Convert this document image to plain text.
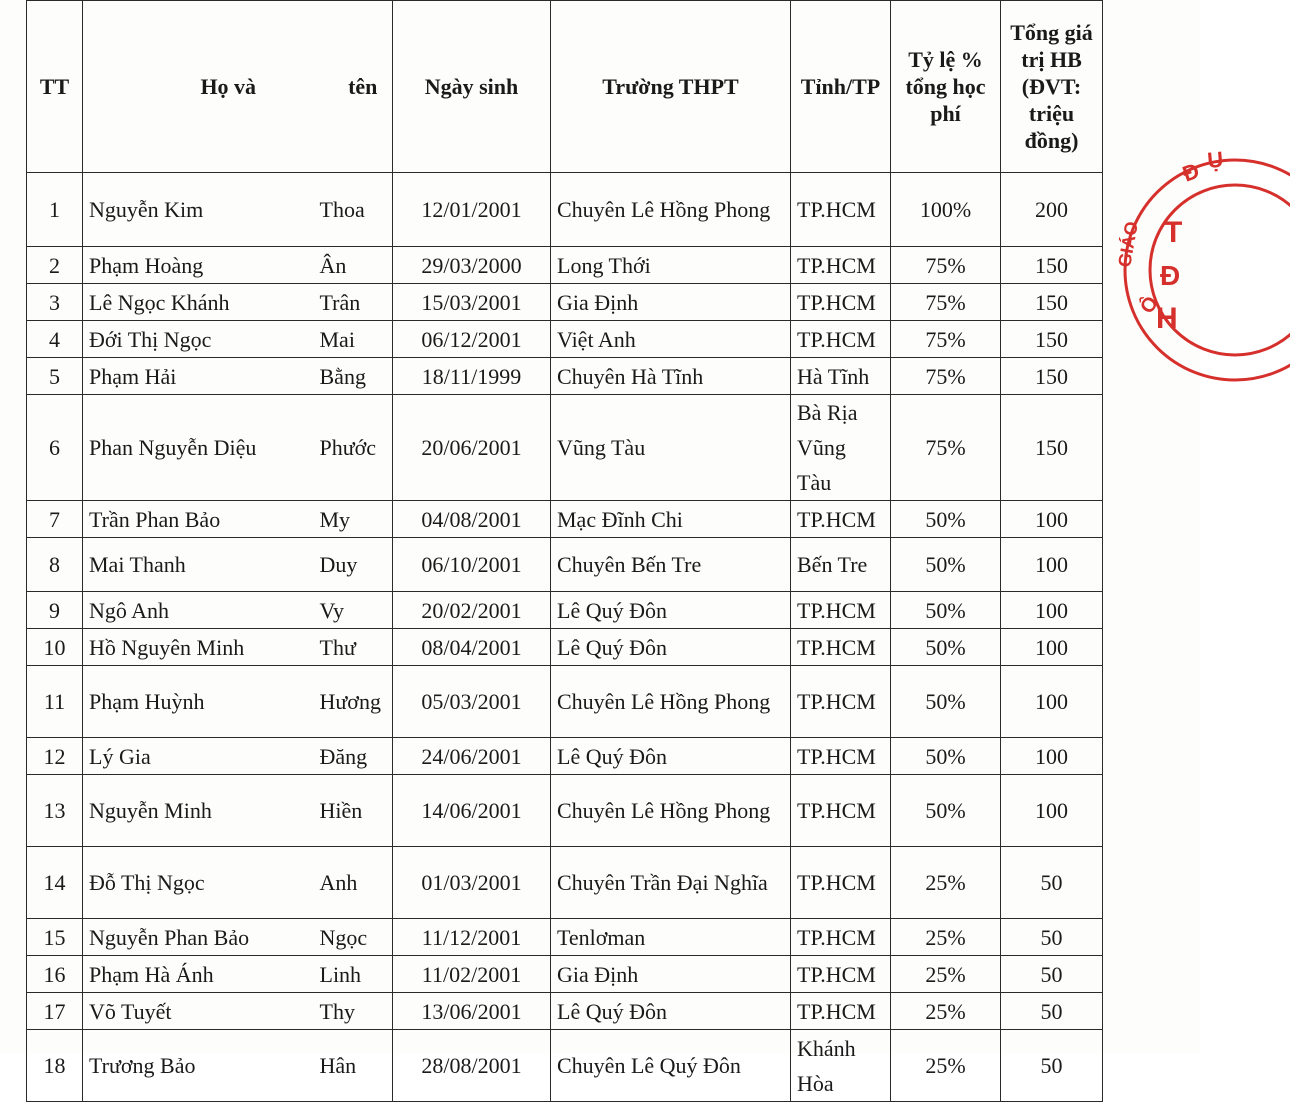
TT	Họ và	tên	Ngày sinh	Trường THPT	Tỉnh/TP	Tỷ lệ % tổng học phí	Tổng giá trị HB (ĐVT: triệu đồng)
1	Nguyễn Kim	Thoa	12/01/2001	Chuyên Lê Hồng Phong	TP.HCM	100%	200
2	Phạm Hoàng	Ân	29/03/2000	Long Thới	TP.HCM	75%	150
3	Lê Ngọc Khánh	Trân	15/03/2001	Gia Định	TP.HCM	75%	150
4	Đới Thị Ngọc	Mai	06/12/2001	Việt Anh	TP.HCM	75%	150
5	Phạm Hải	Bằng	18/11/1999	Chuyên Hà Tĩnh	Hà Tĩnh	75%	150
6	Phan Nguyễn Diệu	Phước	20/06/2001	Vũng Tàu	Bà Rịa Vũng Tàu	75%	150
7	Trần Phan Bảo	My	04/08/2001	Mạc Đĩnh Chi	TP.HCM	50%	100
8	Mai Thanh	Duy	06/10/2001	Chuyên Bến Tre	Bến Tre	50%	100
9	Ngô Anh	Vy	20/02/2001	Lê Quý Đôn	TP.HCM	50%	100
10	Hồ Nguyên Minh	Thư	08/04/2001	Lê Quý Đôn	TP.HCM	50%	100
11	Phạm Huỳnh	Hương	05/03/2001	Chuyên Lê Hồng Phong	TP.HCM	50%	100
12	Lý Gia	Đăng	24/06/2001	Lê Quý Đôn	TP.HCM	50%	100
13	Nguyễn Minh	Hiền	14/06/2001	Chuyên Lê Hồng Phong	TP.HCM	50%	100
14	Đỗ Thị Ngọc	Anh	01/03/2001	Chuyên Trần Đại Nghĩa	TP.HCM	25%	50
15	Nguyễn Phan Bảo	Ngọc	11/12/2001	Tenlơman	TP.HCM	25%	50
16	Phạm Hà Ánh	Linh	11/02/2001	Gia Định	TP.HCM	25%	50
17	Võ Tuyết	Thy	13/06/2001	Lê Quý Đôn	TP.HCM	25%	50
18	Trương Bảo	Hân	28/08/2001	Chuyên Lê Quý Đôn	Khánh Hòa	25%	50
Đ Ụ
GIÁO
Ô
T
Đ
H
